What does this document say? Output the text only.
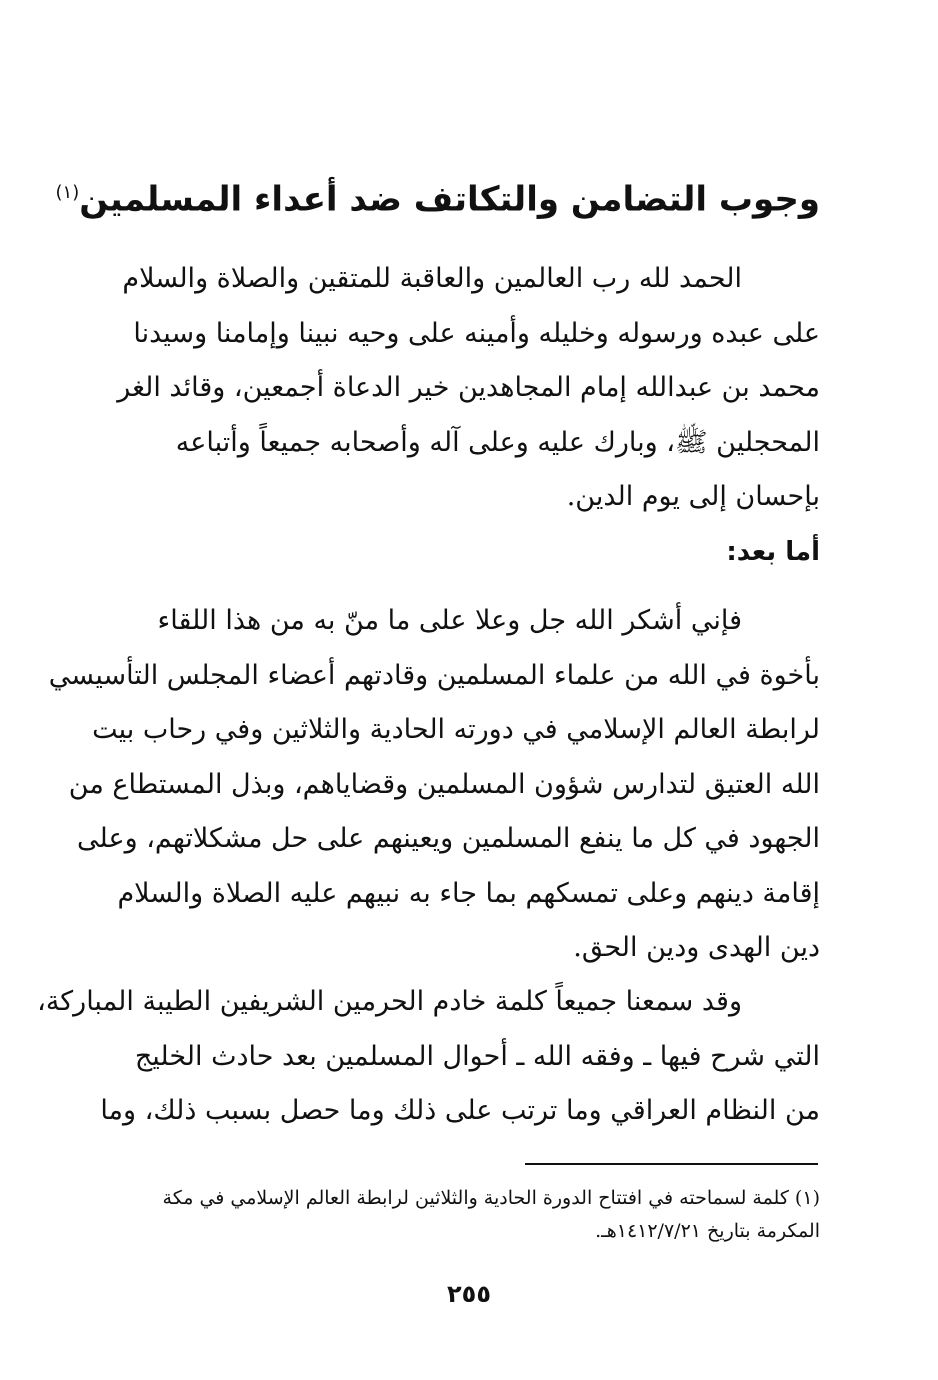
وجوب التضامن والتكاتف ضد أعداء المسلمين$^{(١)}$
الحمد لله رب العالمين والعاقبة للمتقين والصلاة والسلام
على عبده ورسوله وخليله وأمينه على وحيه نبينا وإمامنا وسيدنا
محمد بن عبدالله إمام المجاهدين خير الدعاة أجمعين، وقائد الغر
المحجلين ﷺ، وبارك عليه وعلى آله وأصحابه جميعاً وأتباعه
بإحسان إلى يوم الدين.
أما بعد:
فإني أشكر الله جل وعلا على ما منّ به من هذا اللقاء
بأخوة في الله من علماء المسلمين وقادتهم أعضاء المجلس التأسيسي
لرابطة العالم الإسلامي في دورته الحادية والثلاثين وفي رحاب بيت
الله العتيق لتدارس شؤون المسلمين وقضاياهم، وبذل المستطاع من
الجهود في كل ما ينفع المسلمين ويعينهم على حل مشكلاتهم، وعلى
إقامة دينهم وعلى تمسكهم بما جاء به نبيهم عليه الصلاة والسلام
دين الهدى ودين الحق.
وقد سمعنا جميعاً كلمة خادم الحرمين الشريفين الطيبة المباركة،
التي شرح فيها ـ وفقه الله ـ أحوال المسلمين بعد حادث الخليج
من النظام العراقي وما ترتب على ذلك وما حصل بسبب ذلك، وما
(١) كلمة لسماحته في افتتاح الدورة الحادية والثلاثين لرابطة العالم الإسلامي في مكة
المكرمة بتاريخ ١٤١٢/٧/٢١هـ.
٢٥٥
